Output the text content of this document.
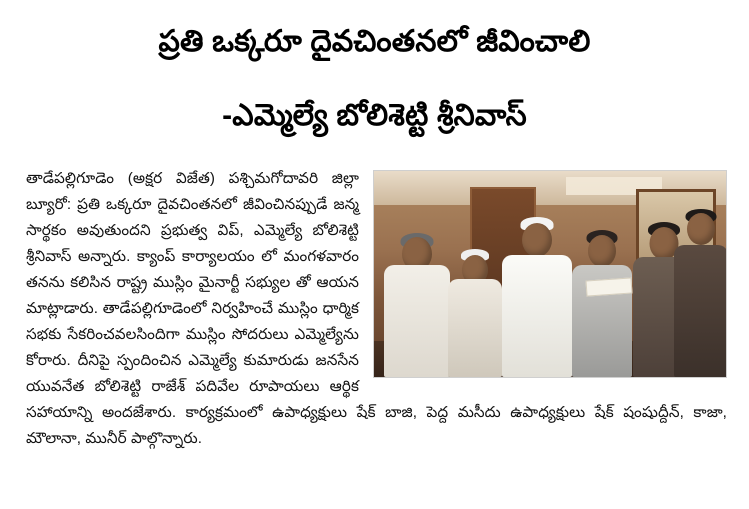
ప్రతి ఒక్కరూ దైవచింతనలో జీవించాలి
-ఎమ్మెల్యే బోలిశెట్టి శ్రీనివాస్

తాడేపల్లిగూడెం (అక్షర విజేత) పశ్చిమగోదావరి జిల్లా బ్యూరో: ప్రతి ఒక్కరూ దైవచింతనలో జీవించినప్పుడే జన్మ సార్థకం అవుతుందని ప్రభుత్వ విప్, ఎమ్మెల్యే బోలిశెట్టి శ్రీనివాస్ అన్నారు. క్యాంప్ కార్యాలయం లో మంగళవారం తనను కలిసిన రాష్ట్ర ముస్లిం మైనార్టీ సభ్యుల తో ఆయన మాట్లాడారు. తాడేపల్లిగూడెంలో నిర్వహించే ముస్లిం ధార్మిక సభకు సేకరించవలసిందిగా ముస్లిం సోదరులు ఎమ్మెల్యేను కోరారు. దీనిపై స్పందించిన ఎమ్మెల్యే కుమారుడు జనసేన యువనేత బోలిశెట్టి రాజేశ్ పదివేల రూపాయలు ఆర్థిక సహాయాన్ని అందజేశారు. కార్యక్రమంలో ఉపాధ్యక్షులు షేక్ బాజి, పెద్ద మసీదు ఉపాధ్యక్షులు షేక్ షంషుద్దీన్, కాజా, మౌలానా, మునీర్ పాల్గొన్నారు.
